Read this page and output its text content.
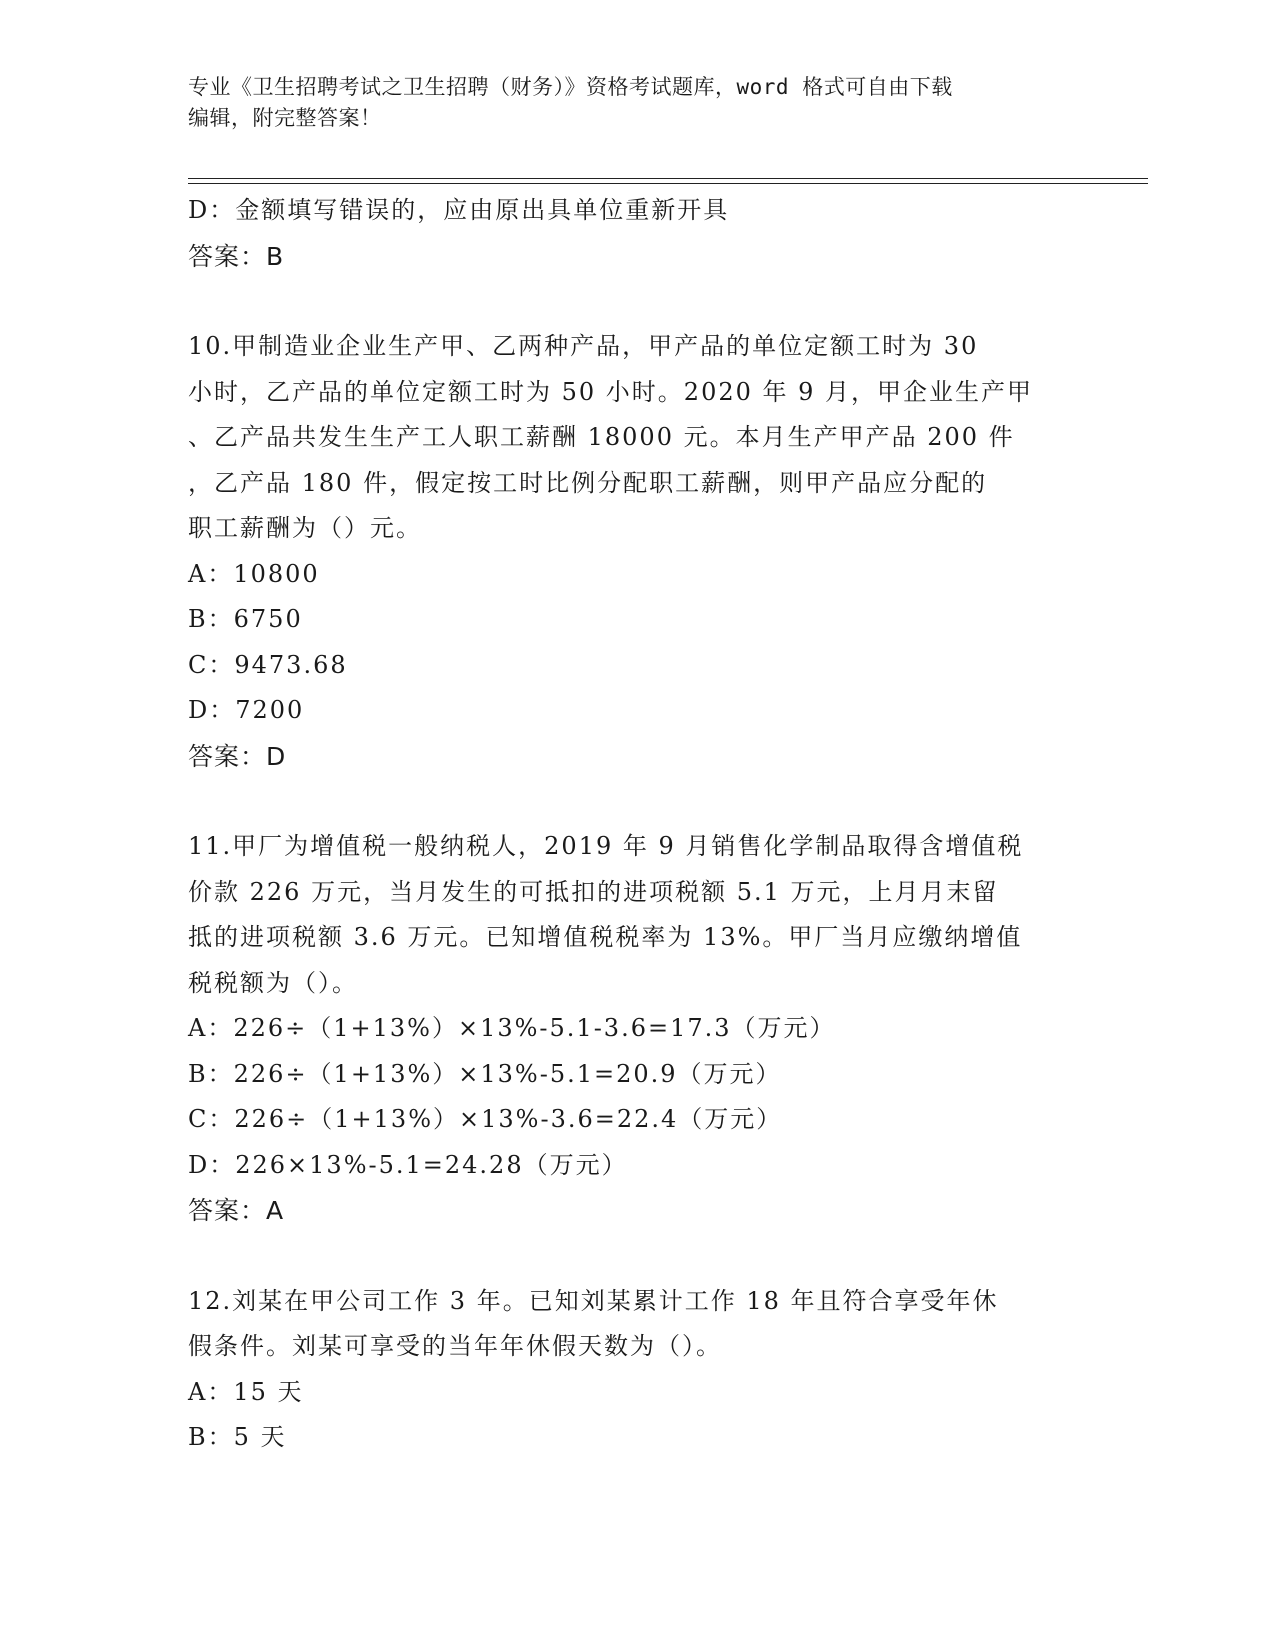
专业《卫生招聘考试之卫生招聘（财务）》资格考试题库，word 格式可自由下载
编辑，附完整答案！
D：金额填写错误的，应由原出具单位重新开具
答案：B
10.甲制造业企业生产甲、乙两种产品，甲产品的单位定额工时为 30
小时，乙产品的单位定额工时为 50 小时。2020 年 9 月，甲企业生产甲
、乙产品共发生生产工人职工薪酬 18000 元。本月生产甲产品 200 件
，乙产品 180 件，假定按工时比例分配职工薪酬，则甲产品应分配的
职工薪酬为（）元。
A：10800
B：6750
C：9473.68
D：7200
答案：D
11.甲厂为增值税一般纳税人，2019 年 9 月销售化学制品取得含增值税
价款 226 万元，当月发生的可抵扣的进项税额 5.1 万元，上月月末留
抵的进项税额 3.6 万元。已知增值税税率为 13%。甲厂当月应缴纳增值
税税额为（）。
A：226÷（1+13%）×13%-5.1-3.6=17.3（万元）
B：226÷（1+13%）×13%-5.1=20.9（万元）
C：226÷（1+13%）×13%-3.6=22.4（万元）
D：226×13%-5.1=24.28（万元）
答案：A
12.刘某在甲公司工作 3 年。已知刘某累计工作 18 年且符合享受年休
假条件。刘某可享受的当年年休假天数为（）。
A：15 天
B：5 天
